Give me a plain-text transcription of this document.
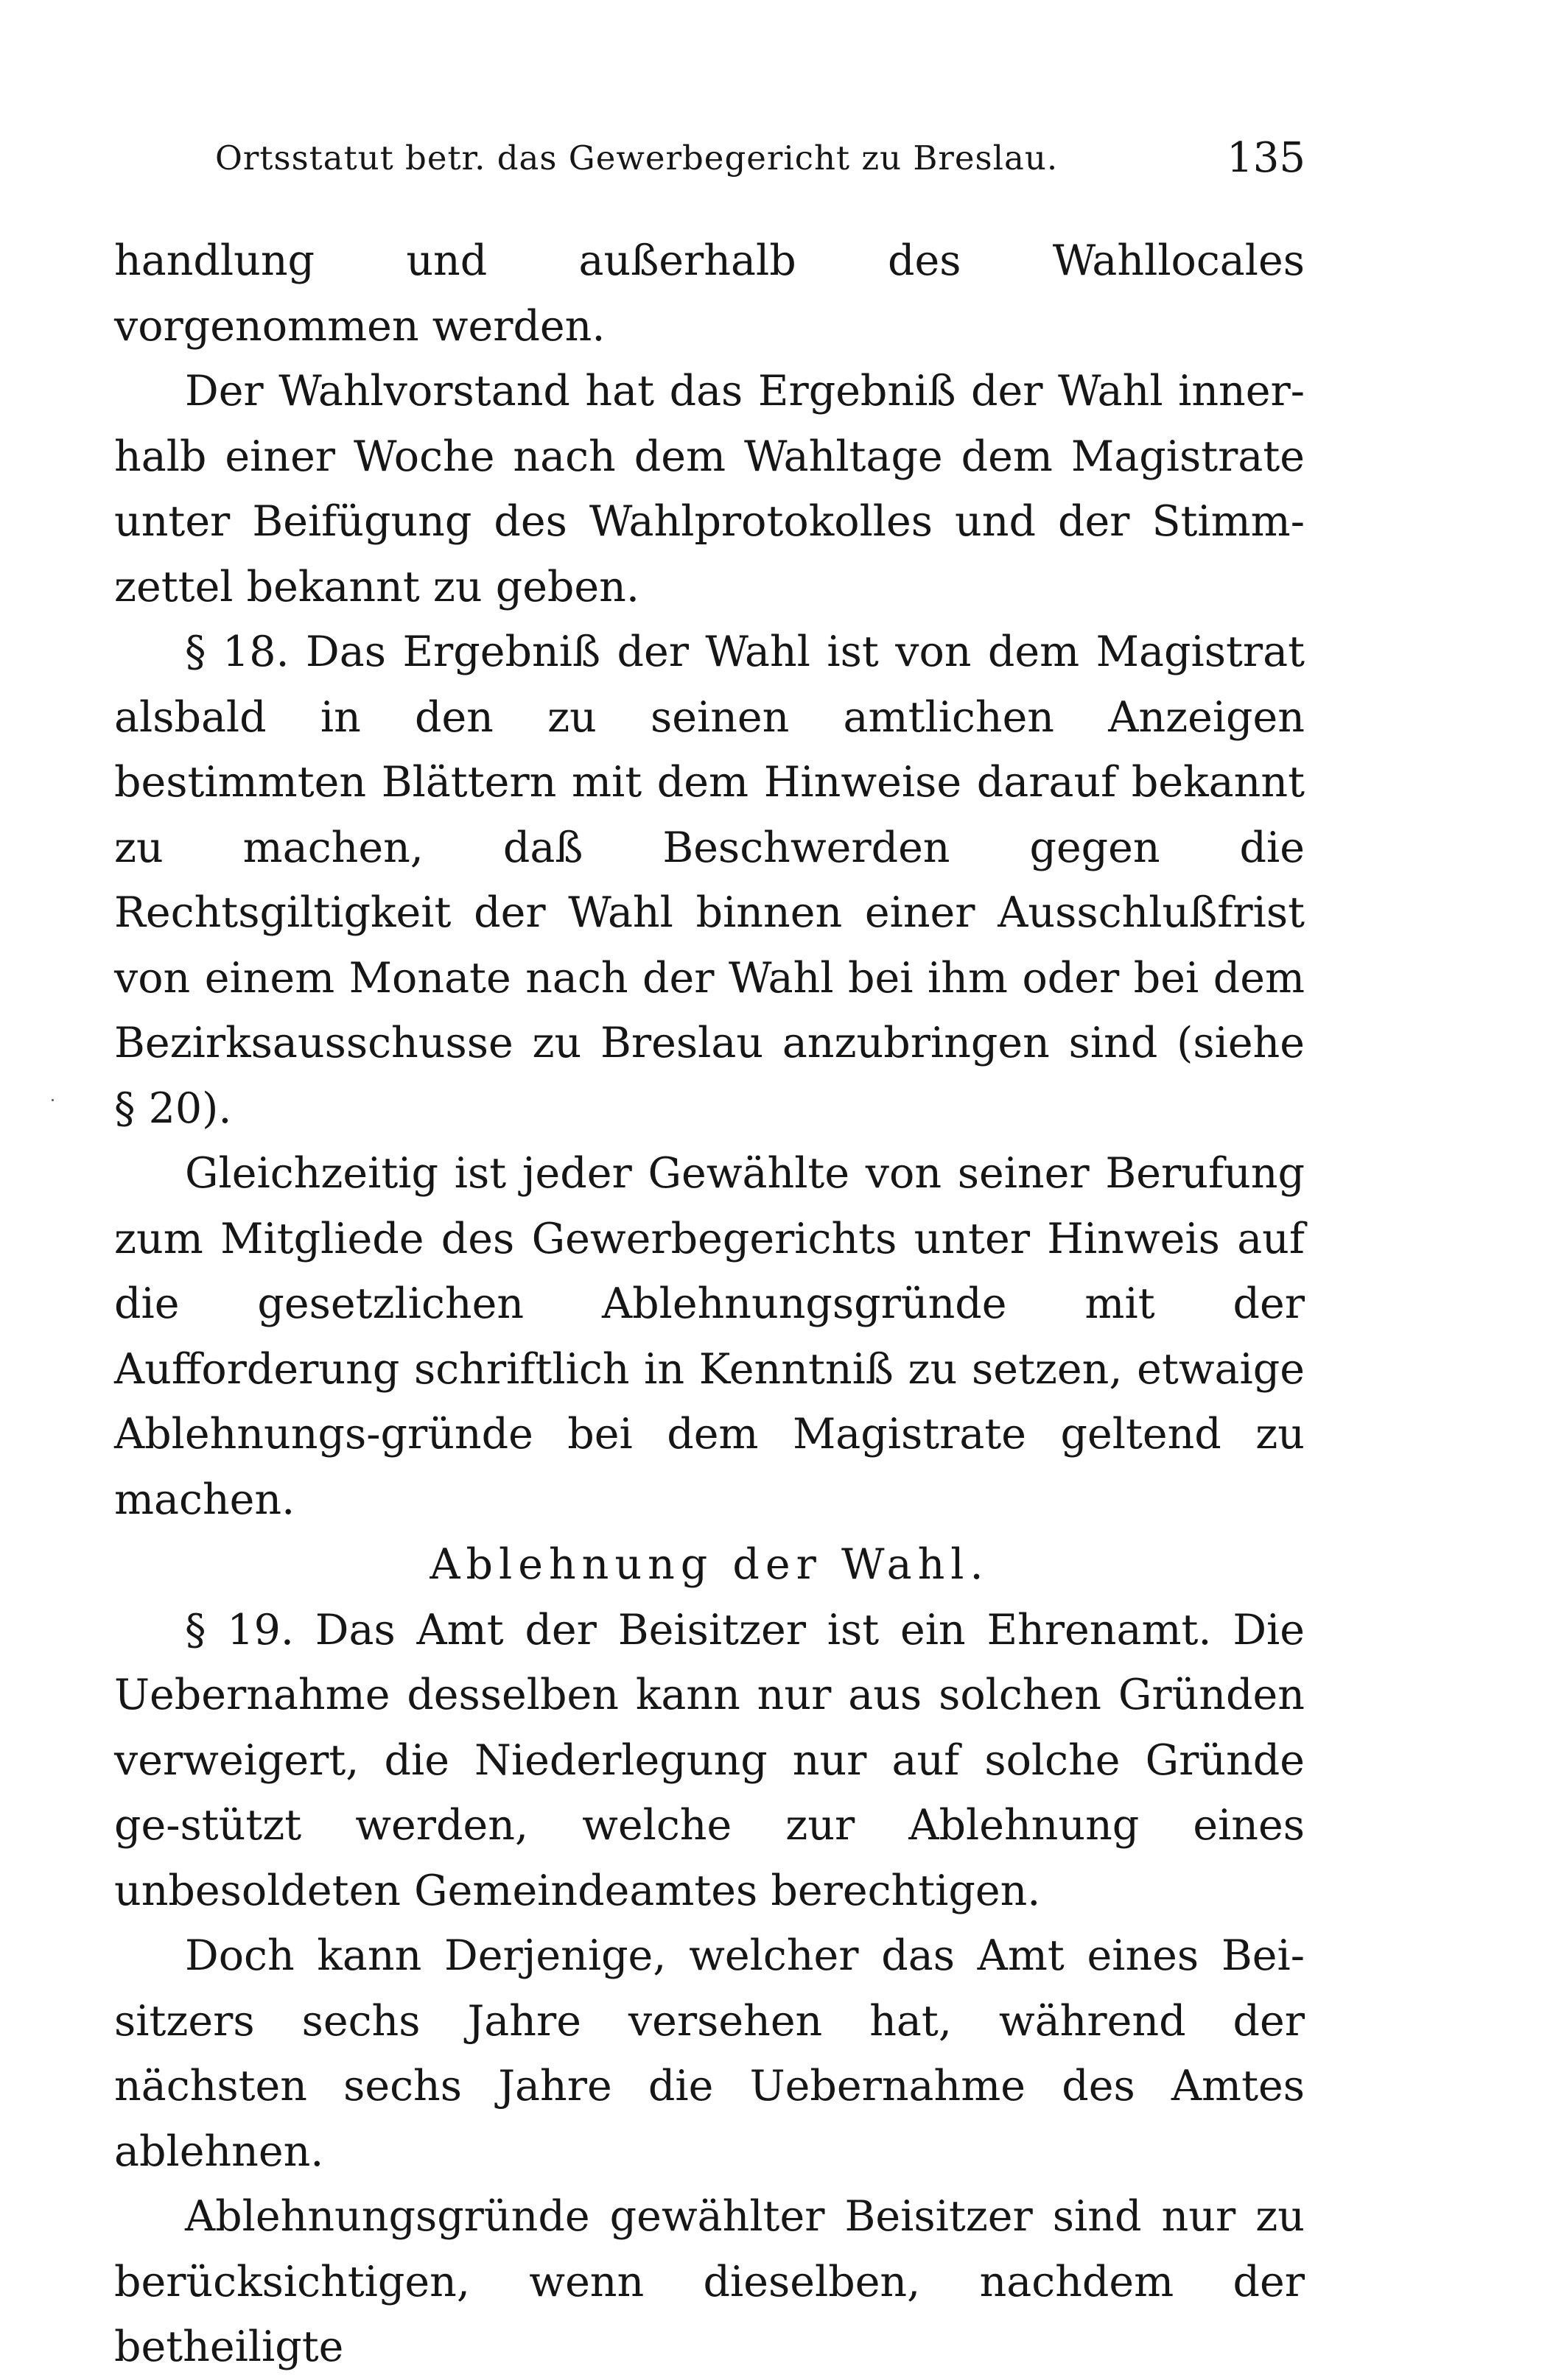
Ortsstatut betr. das Gewerbegericht zu Breslau.	135

handlung und außerhalb des Wahllocales vorgenommen werden.

Der Wahlvorstand hat das Ergebniß der Wahl inner-halb einer Woche nach dem Wahltage dem Magistrate unter Beifügung des Wahlprotokolles und der Stimm-zettel bekannt zu geben.

§ 18. Das Ergebniß der Wahl ist von dem Magistrat alsbald in den zu seinen amtlichen Anzeigen bestimmten Blättern mit dem Hinweise darauf bekannt zu machen, daß Beschwerden gegen die Rechtsgiltigkeit der Wahl binnen einer Ausschlußfrist von einem Monate nach der Wahl bei ihm oder bei dem Bezirksausschusse zu Breslau anzubringen sind (siehe § 20).

Gleichzeitig ist jeder Gewählte von seiner Berufung zum Mitgliede des Gewerbegerichts unter Hinweis auf die gesetzlichen Ablehnungsgründe mit der Aufforderung schriftlich in Kenntniß zu setzen, etwaige Ablehnungs-gründe bei dem Magistrate geltend zu machen.

Ablehnung der Wahl.

§ 19. Das Amt der Beisitzer ist ein Ehrenamt. Die Uebernahme desselben kann nur aus solchen Gründen verweigert, die Niederlegung nur auf solche Gründe ge-stützt werden, welche zur Ablehnung eines unbesoldeten Gemeindeamtes berechtigen.

Doch kann Derjenige, welcher das Amt eines Bei-sitzers sechs Jahre versehen hat, während der nächsten sechs Jahre die Uebernahme des Amtes ablehnen.

Ablehnungsgründe gewählter Beisitzer sind nur zu berücksichtigen, wenn dieselben, nachdem der betheiligte
